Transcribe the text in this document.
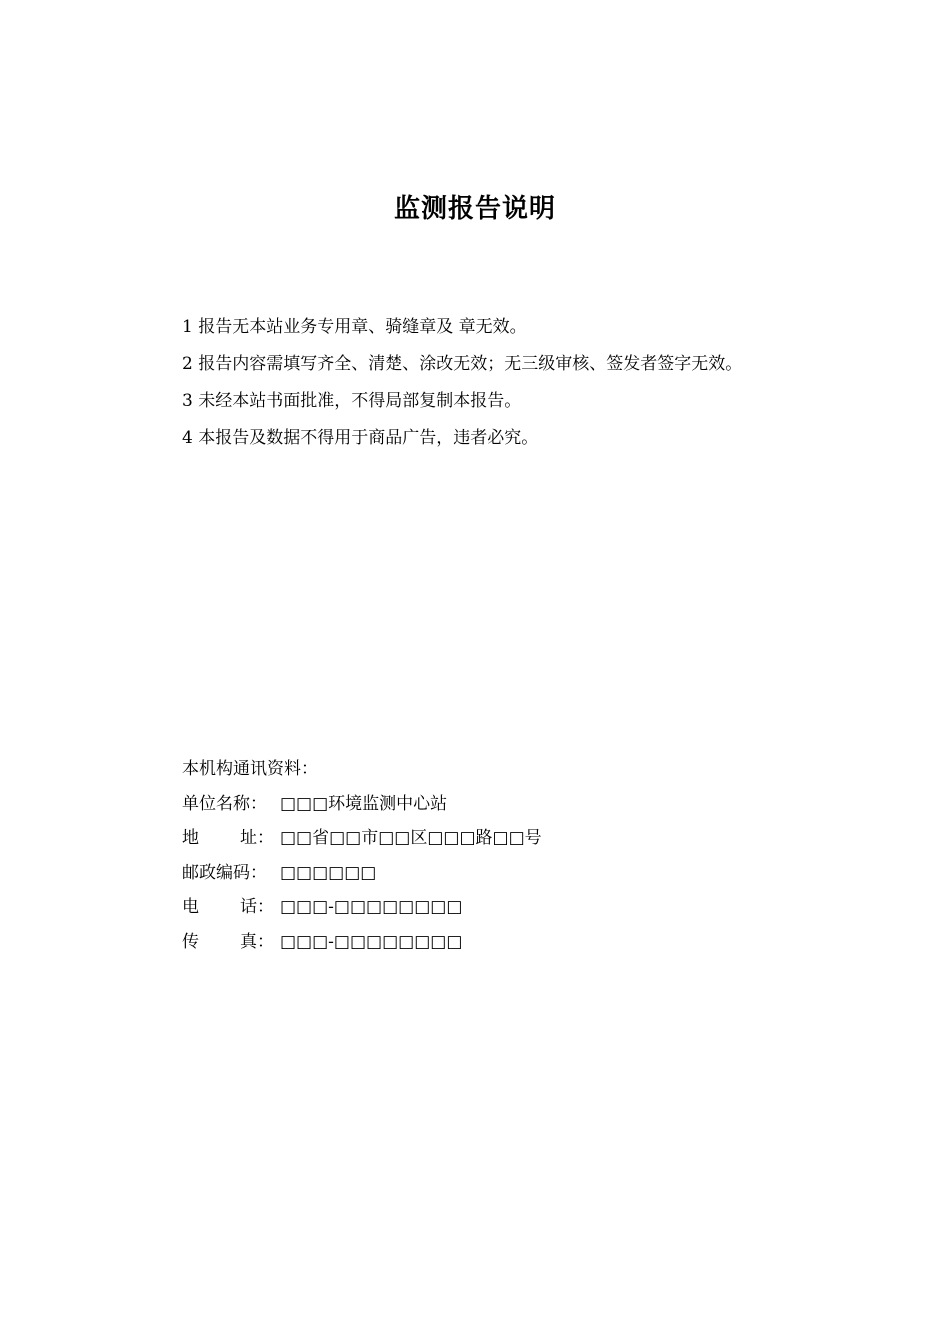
监测报告说明
1 报告无本站业务专用章、骑缝章及 章无效。
2 报告内容需填写齐全、清楚、涂改无效；无三级审核、签发者签字无效。
3 未经本站书面批准，不得局部复制本报告。
4 本报告及数据不得用于商品广告，违者必究。
本机构通讯资料：
单位名称： □□□环境监测中心站
地 址： □□省□□市□□区□□□路□□号
邮政编码： □□□□□□
电 话： □□□-□□□□□□□□
传 真： □□□-□□□□□□□□
